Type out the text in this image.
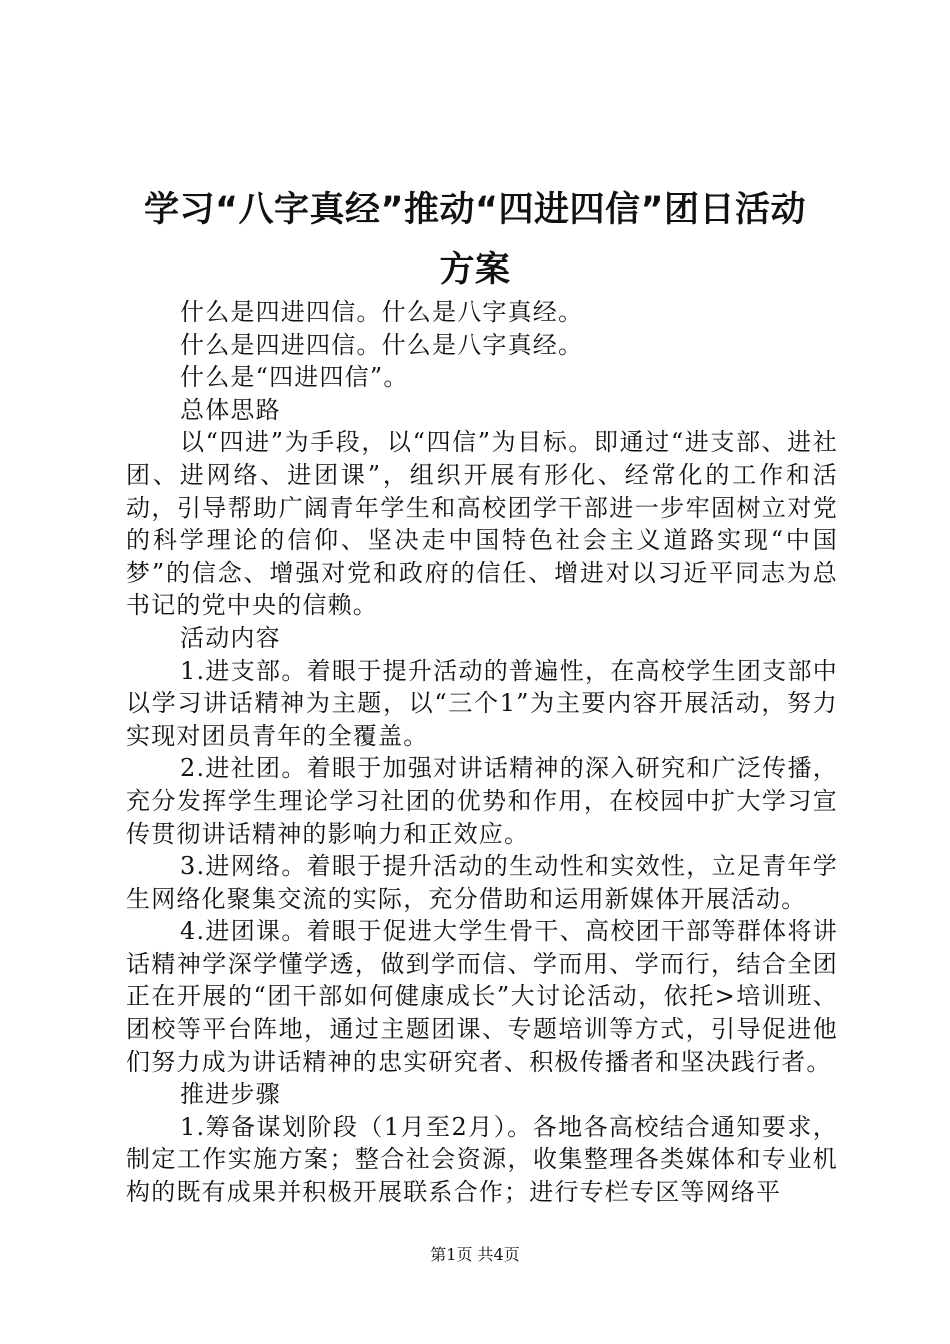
学习“八字真经”推动“四进四信”团日活动
方案

什么是四进四信。什么是八字真经。

什么是四进四信。什么是八字真经。

什么是“四进四信”。

总体思路

以“四进”为手段，以“四信”为目标。即通过“进支部、进社团、进网络、进团课”，组织开展有形化、经常化的工作和活动，引导帮助广阔青年学生和高校团学干部进一步牢固树立对党的科学理论的信仰、坚决走中国特色社会主义道路实现“中国梦”的信念、增强对党和政府的信任、增进对以习近平同志为总书记的党中央的信赖。

活动内容

1.进支部。着眼于提升活动的普遍性，在高校学生团支部中以学习讲话精神为主题，以“三个1”为主要内容开展活动，努力实现对团员青年的全覆盖。

2.进社团。着眼于加强对讲话精神的深入研究和广泛传播，充分发挥学生理论学习社团的优势和作用，在校园中扩大学习宣传贯彻讲话精神的影响力和正效应。

3.进网络。着眼于提升活动的生动性和实效性，立足青年学生网络化聚集交流的实际，充分借助和运用新媒体开展活动。

4.进团课。着眼于促进大学生骨干、高校团干部等群体将讲话精神学深学懂学透，做到学而信、学而用、学而行，结合全团正在开展的“团干部如何健康成长”大讨论活动，依托>培训班、团校等平台阵地，通过主题团课、专题培训等方式，引导促进他们努力成为讲话精神的忠实研究者、积极传播者和坚决践行者。

推进步骤

1.筹备谋划阶段（1月至2月）。各地各高校结合通知要求，制定工作实施方案；整合社会资源，收集整理各类媒体和专业机构的既有成果并积极开展联系合作；进行专栏专区等网络平

第1页 共4页
